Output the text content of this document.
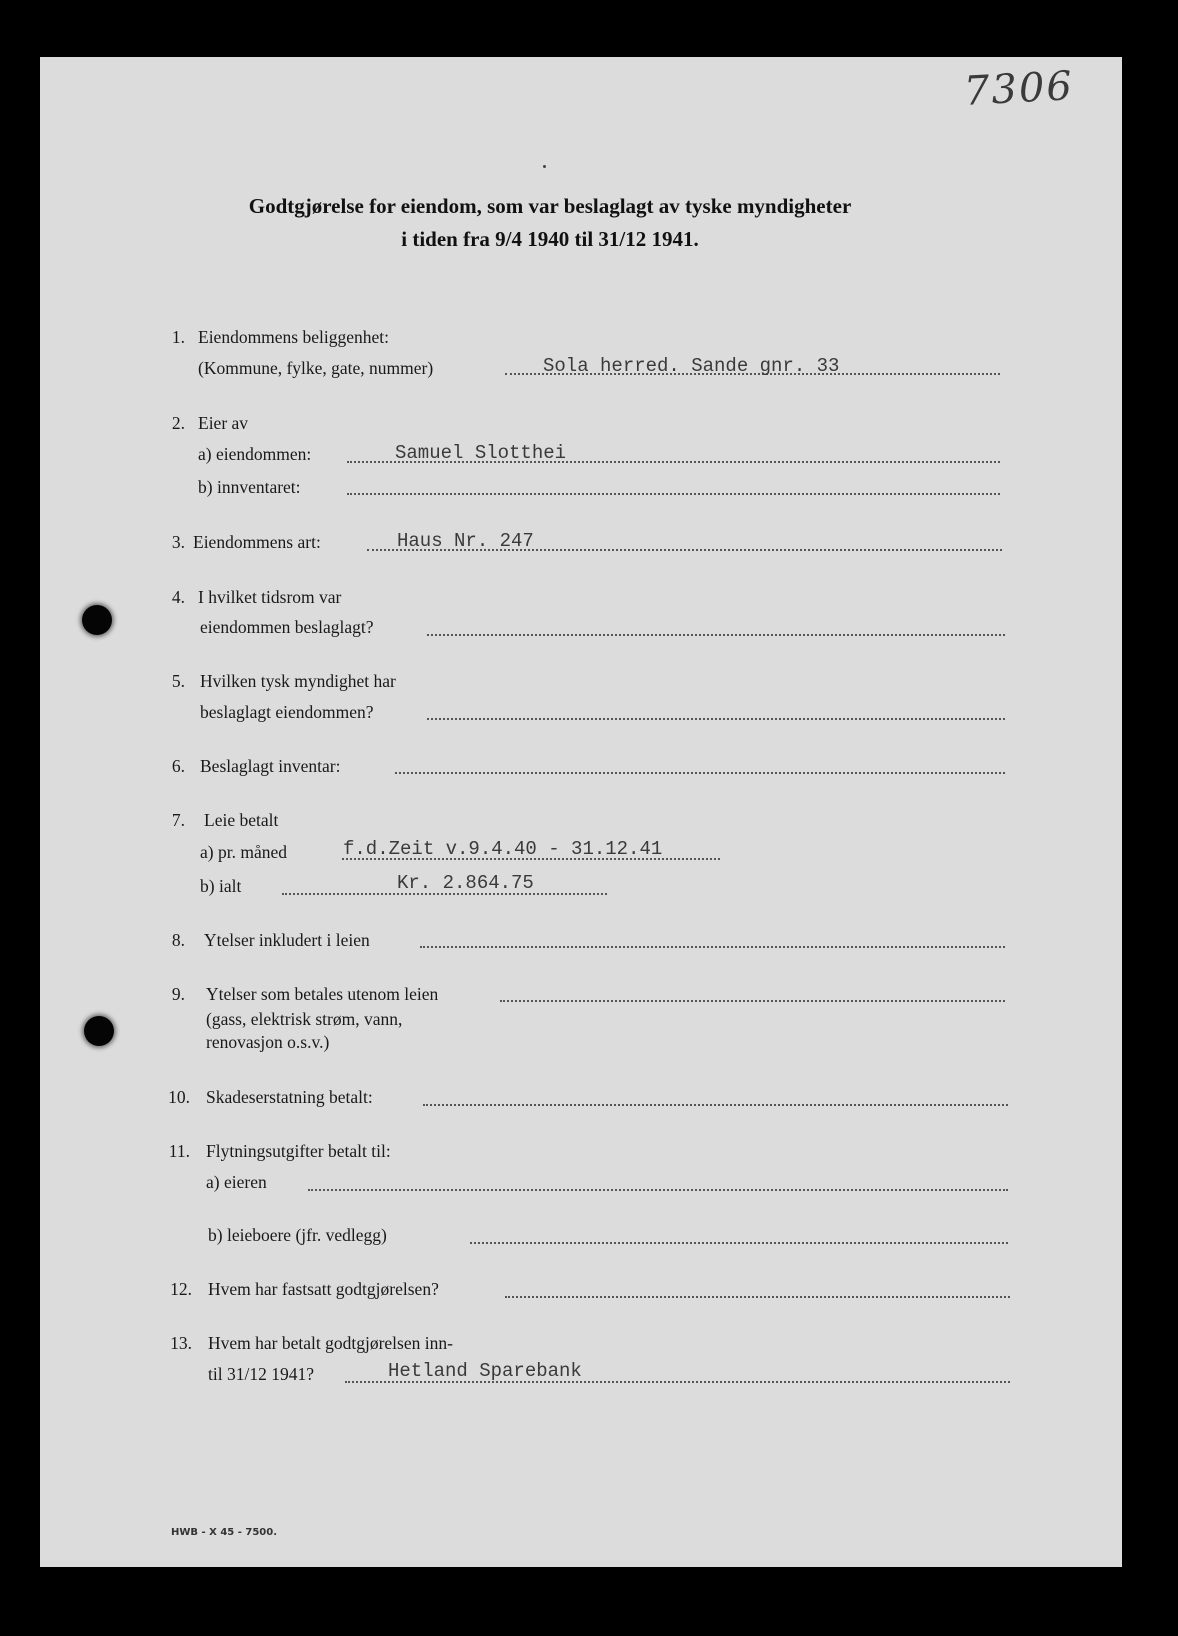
7306
Godtgjørelse for eiendom, som var beslaglagt av tyske myndigheter
i tiden fra 9/4 1940 til 31/12 1941.
1. Eiendommens beliggenhet:
(Kommune, fylke, gate, nummer)	Sola herred. Sande gnr. 33
2. Eier av
a) eiendommen:	Samuel Slotthei
b) innventaret:
3. Eiendommens art:	Haus Nr. 247
4. I hvilket tidsrom var
eiendommen beslaglagt?
5. Hvilken tysk myndighet har
beslaglagt eiendommen?
6. Beslaglagt inventar:
7. Leie betalt
a) pr. måned	f.d.Zeit v.9.4.40 - 31.12.41
b) ialt	Kr. 2.864.75
8. Ytelser inkludert i leien
9. Ytelser som betales utenom leien
(gass, elektrisk strøm, vann,
renovasjon o.s.v.)
10. Skadeserstatning betalt:
11. Flytningsutgifter betalt til:
a) eieren
b) leieboere (jfr. vedlegg)
12. Hvem har fastsatt godtgjørelsen?
13. Hvem har betalt godtgjørelsen inn-
til 31/12 1941?	Hetland Sparebank
HWB - X 45 - 7500.
